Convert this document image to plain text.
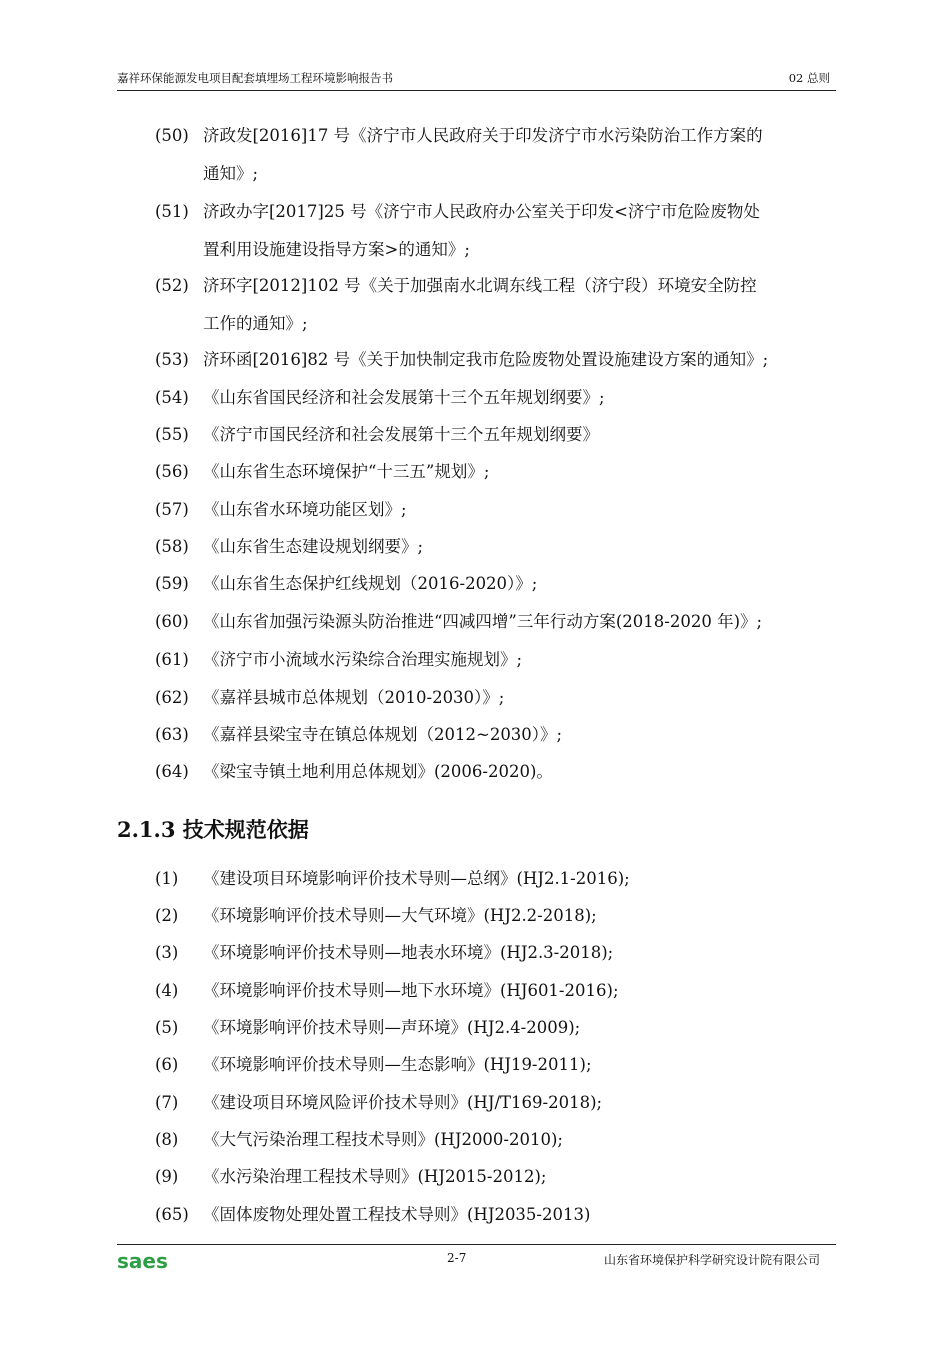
嘉祥环保能源发电项目配套填埋场工程环境影响报告书	02 总则
(50) 济政发[2016]17 号《济宁市人民政府关于印发济宁市水污染防治工作方案的
通知》;
(51) 济政办字[2017]25 号《济宁市人民政府办公室关于印发<济宁市危险废物处
置利用设施建设指导方案>的通知》;
(52) 济环字[2012]102 号《关于加强南水北调东线工程（济宁段）环境安全防控
工作的通知》;
(53) 济环函[2016]82 号《关于加快制定我市危险废物处置设施建设方案的通知》;
(54) 《山东省国民经济和社会发展第十三个五年规划纲要》;
(55) 《济宁市国民经济和社会发展第十三个五年规划纲要》
(56) 《山东省生态环境保护“十三五”规划》;
(57) 《山东省水环境功能区划》;
(58) 《山东省生态建设规划纲要》;
(59) 《山东省生态保护红线规划（2016-2020）》;
(60) 《山东省加强污染源头防治推进“四减四增”三年行动方案(2018-2020 年)》;
(61) 《济宁市小流域水污染综合治理实施规划》;
(62) 《嘉祥县城市总体规划（2010-2030）》;
(63) 《嘉祥县梁宝寺在镇总体规划（2012~2030）》;
(64) 《梁宝寺镇土地利用总体规划》(2006-2020)。
2.1.3 技术规范依据
(1) 《建设项目环境影响评价技术导则—总纲》(HJ2.1-2016);
(2) 《环境影响评价技术导则—大气环境》(HJ2.2-2018);
(3) 《环境影响评价技术导则—地表水环境》(HJ2.3-2018);
(4) 《环境影响评价技术导则—地下水环境》(HJ601-2016);
(5) 《环境影响评价技术导则—声环境》(HJ2.4-2009);
(6) 《环境影响评价技术导则—生态影响》(HJ19-2011);
(7) 《建设项目环境风险评价技术导则》(HJ/T169-2018);
(8) 《大气污染治理工程技术导则》(HJ2000-2010);
(9) 《水污染治理工程技术导则》(HJ2015-2012);
(65) 《固体废物处理处置工程技术导则》(HJ2035-2013)
saes	2-7	山东省环境保护科学研究设计院有限公司
